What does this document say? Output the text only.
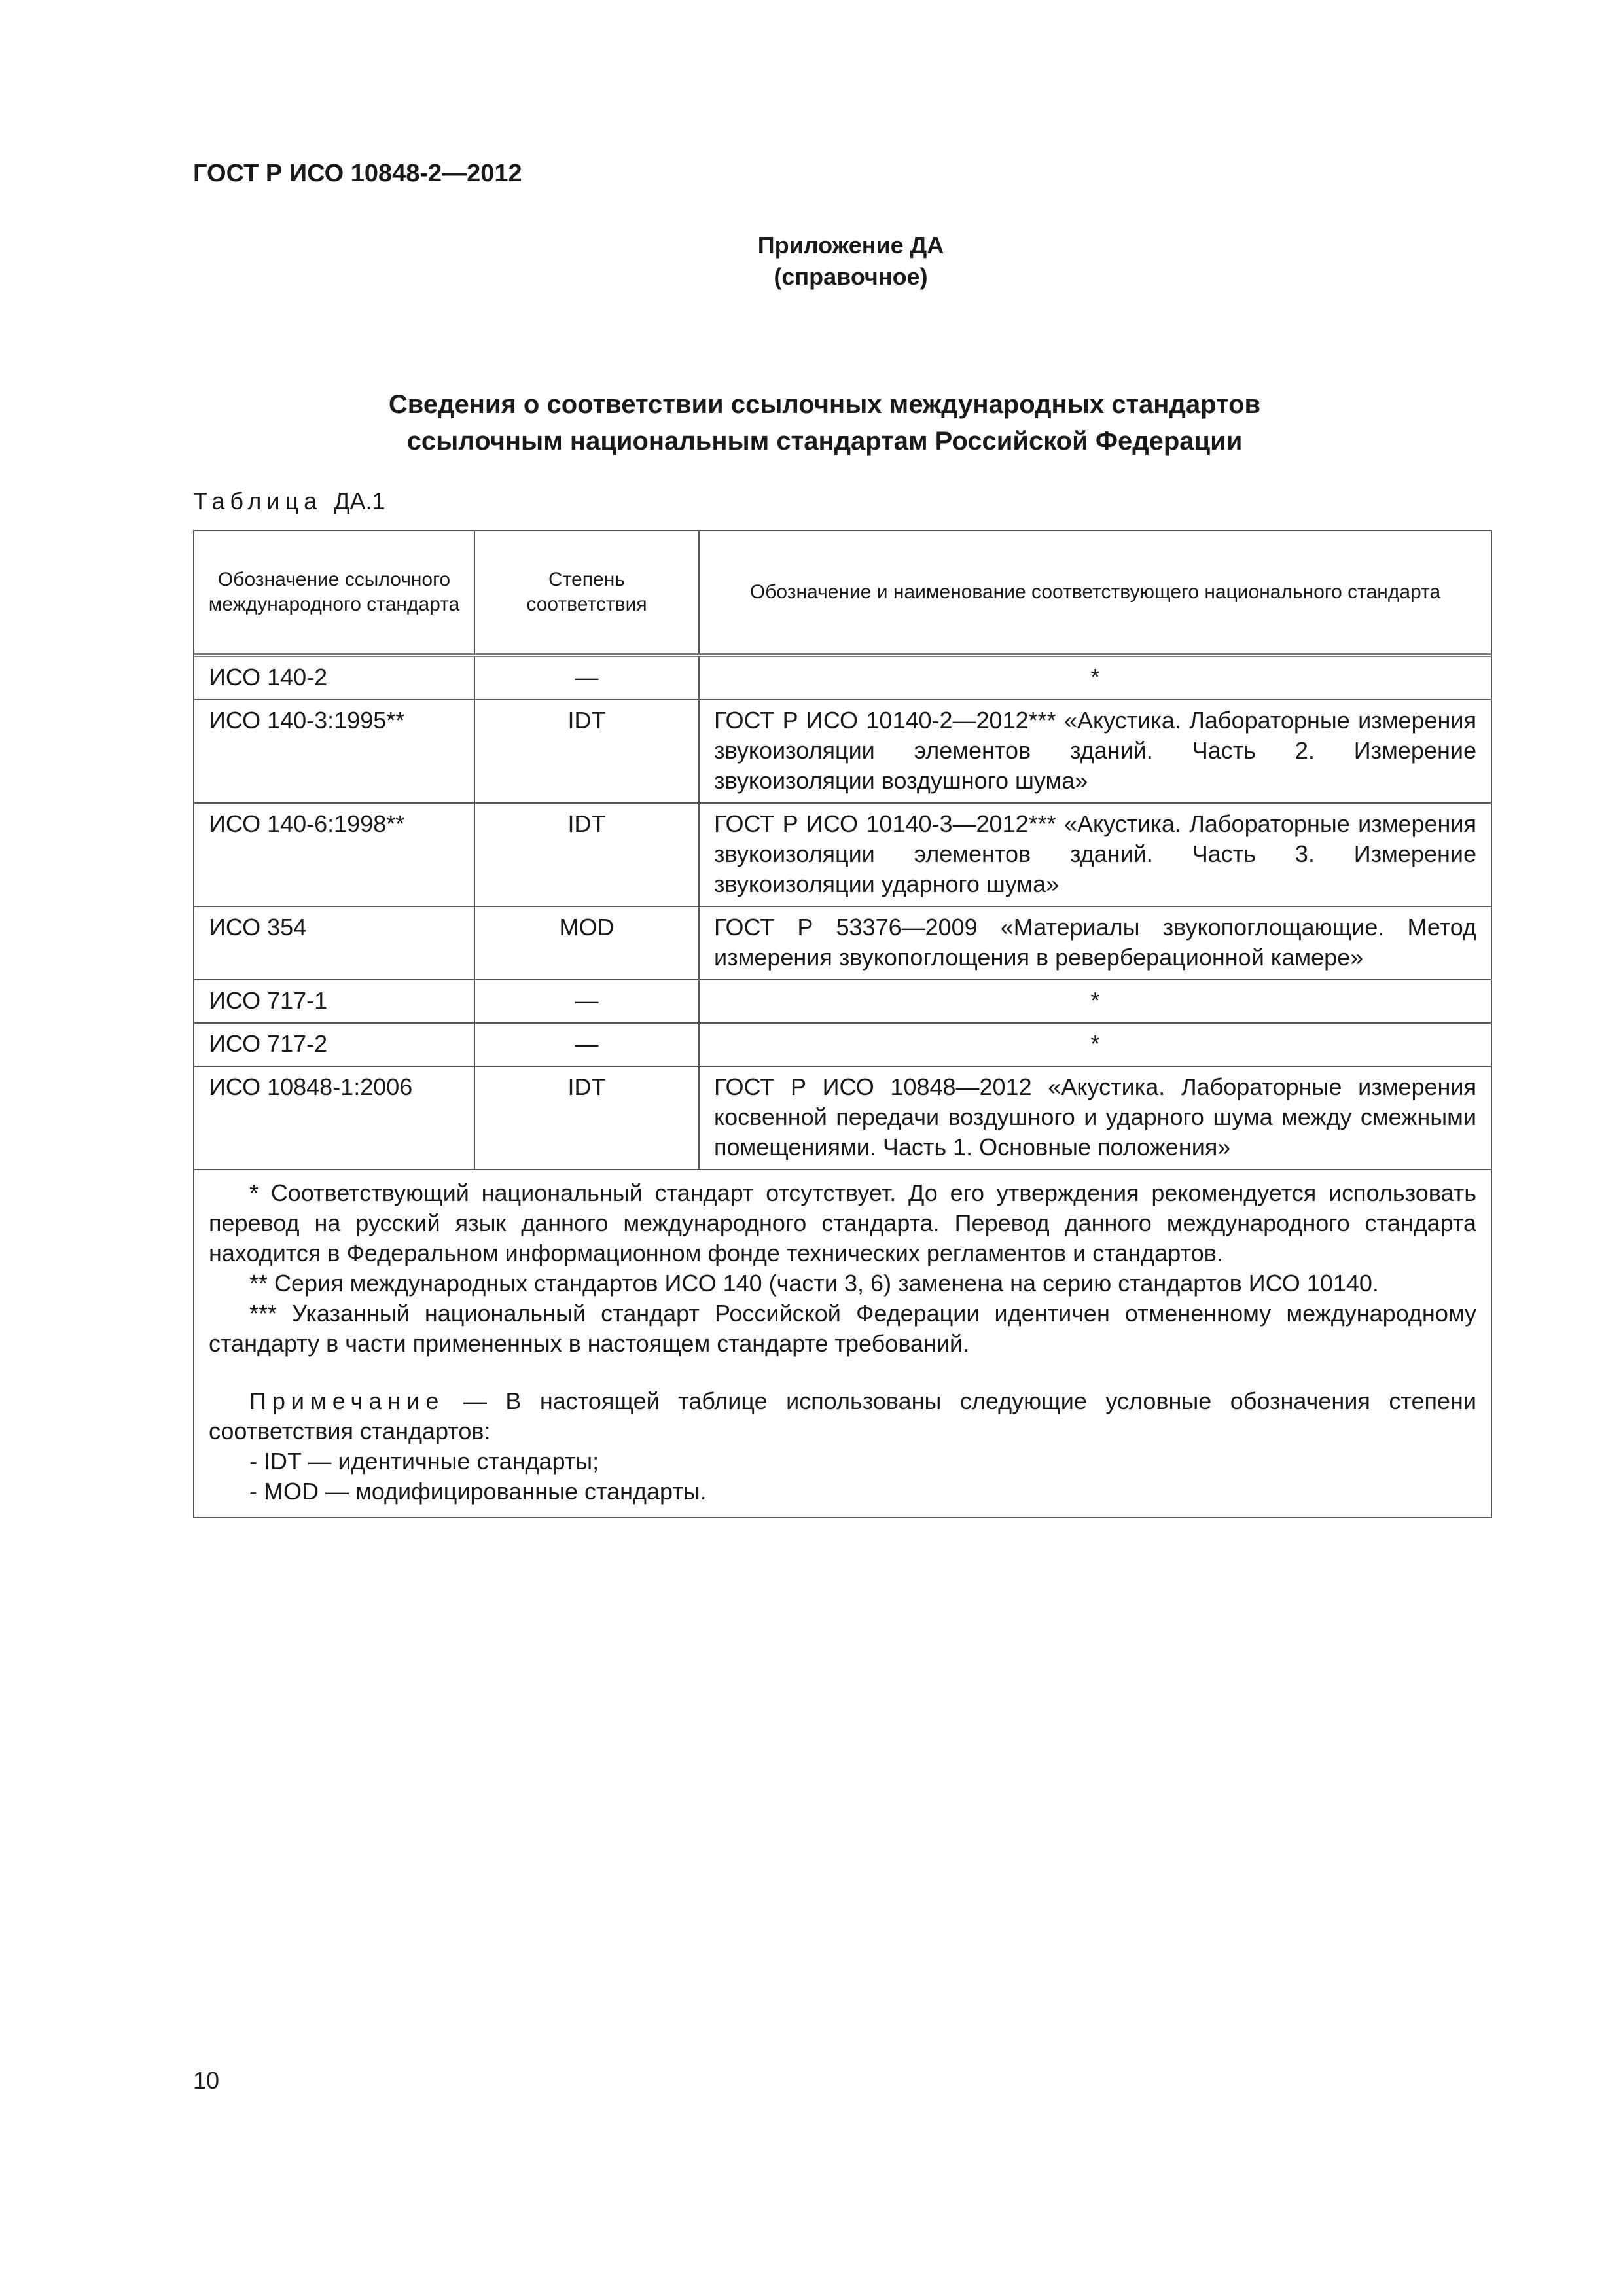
ГОСТ Р ИСО 10848-2—2012
Приложение ДА
(справочное)
Сведения о соответствии ссылочных международных стандартов
ссылочным национальным стандартам Российской Федерации
Таблица ДА.1
Обозначение ссылочного международного стандарта	Степень соответствия	Обозначение и наименование соответствующего национального стандарта
ИСО 140-2	—	*
ИСО 140-3:1995**	IDT	ГОСТ Р ИСО 10140-2—2012*** «Акустика. Лабораторные измерения звукоизоляции элементов зданий. Часть 2. Измерение звукоизоляции воздушного шума»
ИСО 140-6:1998**	IDT	ГОСТ Р ИСО 10140-3—2012*** «Акустика. Лабораторные измерения звукоизоляции элементов зданий. Часть 3. Измерение звукоизоляции ударного шума»
ИСО 354	MOD	ГОСТ Р 53376—2009 «Материалы звукопоглощающие. Метод измерения звукопоглощения в реверберационной камере»
ИСО 717-1	—	*
ИСО 717-2	—	*
ИСО 10848-1:2006	IDT	ГОСТ Р ИСО 10848—2012 «Акустика. Лабораторные измерения косвенной передачи воздушного и ударного шума между смежными помещениями. Часть 1. Основные положения»

* Соответствующий национальный стандарт отсутствует. До его утверждения рекомендуется использовать перевод на русский язык данного международного стандарта. Перевод данного международного стандарта находится в Федеральном информационном фонде технических регламентов и стандартов.

** Серия международных стандартов ИСО 140 (части 3, 6) заменена на серию стандартов ИСО 10140.

*** Указанный национальный стандарт Российской Федерации идентичен отмененному международному стандарту в части примененных в настоящем стандарте требований.

Примечание — В настоящей таблице использованы следующие условные обозначения степени соответствия стандартов:

- IDT — идентичные стандарты;

- MOD — модифицированные стандарты.

10
